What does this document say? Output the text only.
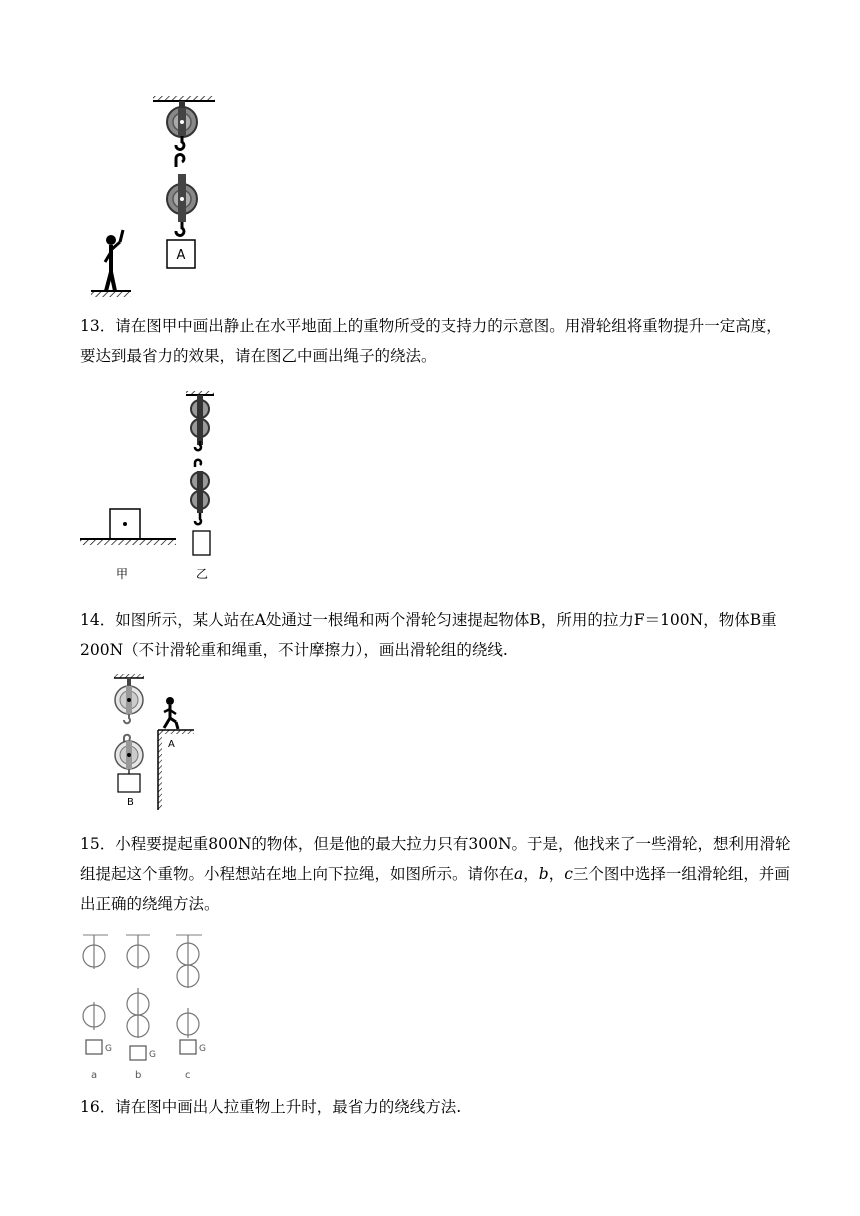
A

13．请在图甲中画出静止在水平地面上的重物所受的支持力的示意图。用滑轮组将重物提升一定高度，要达到最省力的效果，请在图乙中画出绳子的绕法。

甲	乙

14．如图所示，某人站在A处通过一根绳和两个滑轮匀速提起物体B，所用的拉力F＝100N，物体B重200N（不计滑轮重和绳重，不计摩擦力），画出滑轮组的绕线.

B
A

15．小程要提起重800N的物体，但是他的最大拉力只有300N。于是，他找来了一些滑轮，想利用滑轮组提起这个重物。小程想站在地上向下拉绳，如图所示。请你在a，b，c三个图中选择一组滑轮组，并画出正确的绕绳方法。

G
G
G
a	b	c

16．请在图中画出人拉重物上升时，最省力的绕线方法.
